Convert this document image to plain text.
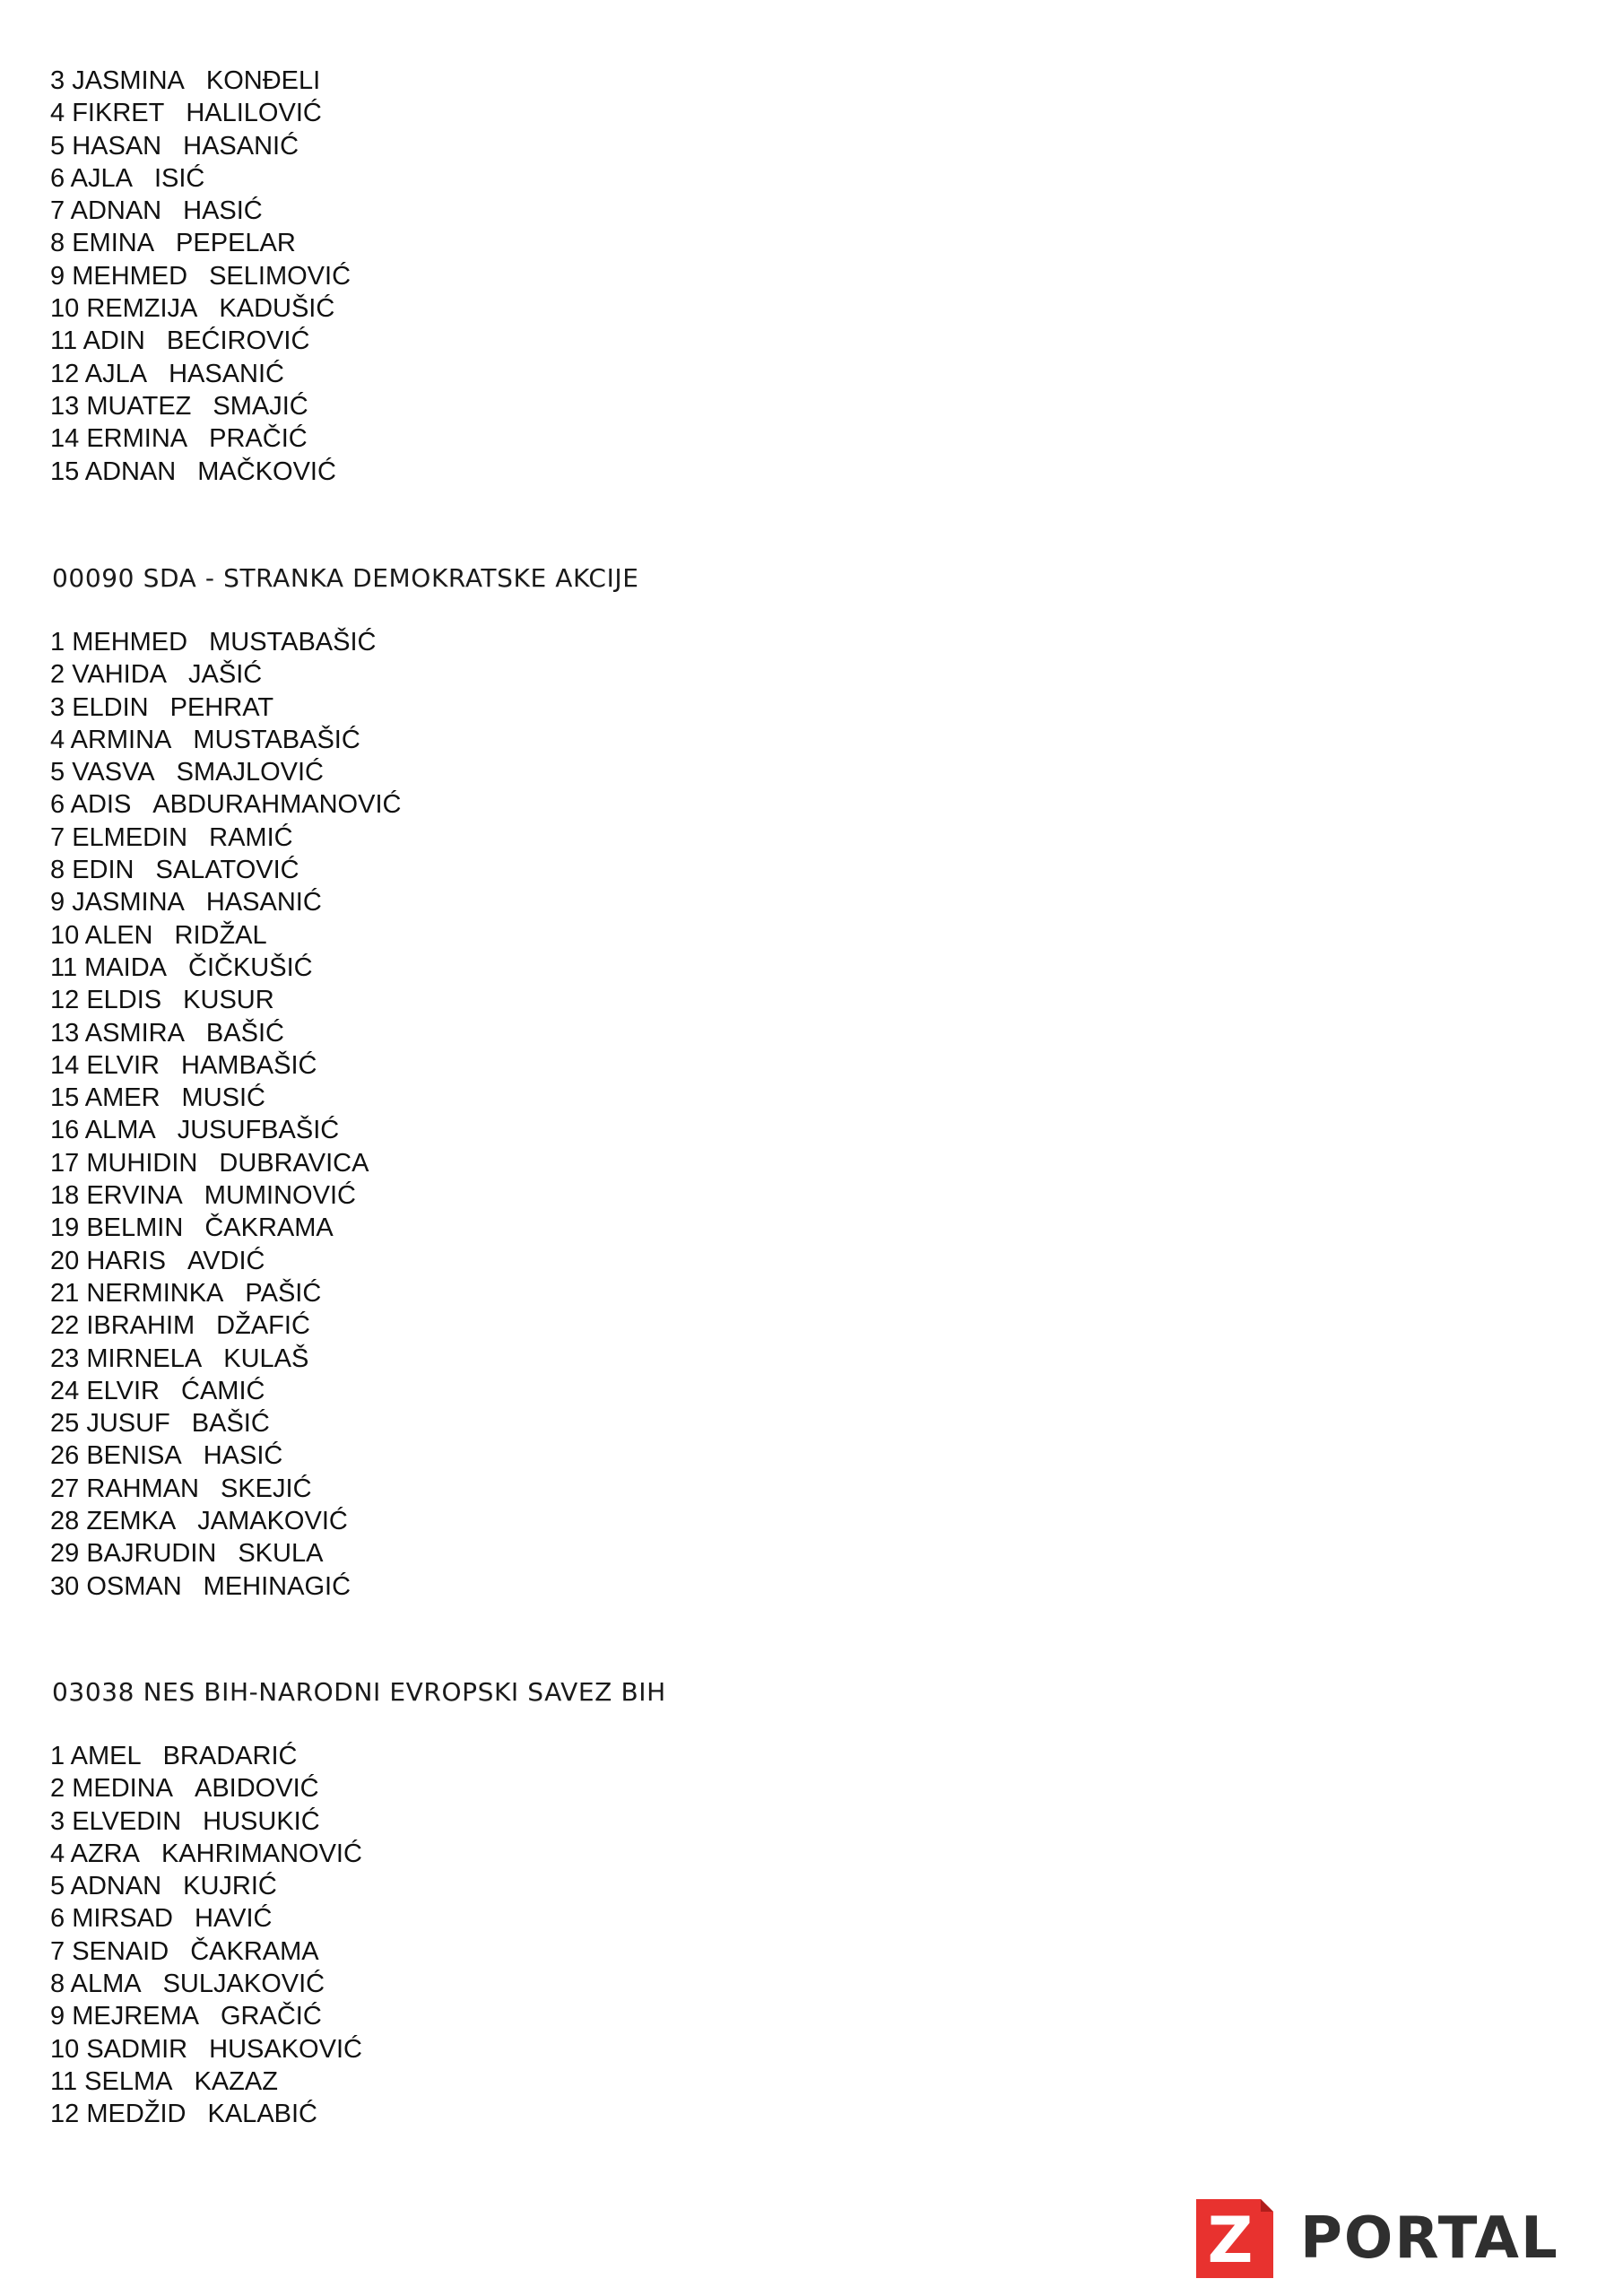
3 JASMINA KONĐELI
4 FIKRET HALILOVIĆ
5 HASAN HASANIĆ
6 AJLA ISIĆ
7 ADNAN HASIĆ
8 EMINA PEPELAR
9 MEHMED SELIMOVIĆ
10 REMZIJA KADUŠIĆ
11 ADIN BEĆIROVIĆ
12 AJLA HASANIĆ
13 MUATEZ SMAJIĆ
14 ERMINA PRAČIĆ
15 ADNAN MAČKOVIĆ
00090 SDA - STRANKA DEMOKRATSKE AKCIJE
1 MEHMED MUSTABAŠIĆ
2 VAHIDA JAŠIĆ
3 ELDIN PEHRAT
4 ARMINA MUSTABAŠIĆ
5 VASVA SMAJLOVIĆ
6 ADIS ABDURAHMANOVIĆ
7 ELMEDIN RAMIĆ
8 EDIN SALATOVIĆ
9 JASMINA HASANIĆ
10 ALEN RIDŽAL
11 MAIDA ČIČKUŠIĆ
12 ELDIS KUSUR
13 ASMIRA BAŠIĆ
14 ELVIR HAMBAŠIĆ
15 AMER MUSIĆ
16 ALMA JUSUFBAŠIĆ
17 MUHIDIN DUBRAVICA
18 ERVINA MUMINOVIĆ
19 BELMIN ČAKRAMA
20 HARIS AVDIĆ
21 NERMINKA PAŠIĆ
22 IBRAHIM DŽAFIĆ
23 MIRNELA KULAŠ
24 ELVIR ĆAMIĆ
25 JUSUF BAŠIĆ
26 BENISA HASIĆ
27 RAHMAN SKEJIĆ
28 ZEMKA JAMAKOVIĆ
29 BAJRUDIN SKULA
30 OSMAN MEHINAGIĆ
03038 NES BIH-NARODNI EVROPSKI SAVEZ BIH
1 AMEL BRADARIĆ
2 MEDINA ABIDOVIĆ
3 ELVEDIN HUSUKIĆ
4 AZRA KAHRIMANOVIĆ
5 ADNAN KUJRIĆ
6 MIRSAD HAVIĆ
7 SENAID ČAKRAMA
8 ALMA SULJAKOVIĆ
9 MEJREMA GRAČIĆ
10 SADMIR HUSAKOVIĆ
11 SELMA KAZAZ
12 MEDŽID KALABIĆ
Z PORTAL
